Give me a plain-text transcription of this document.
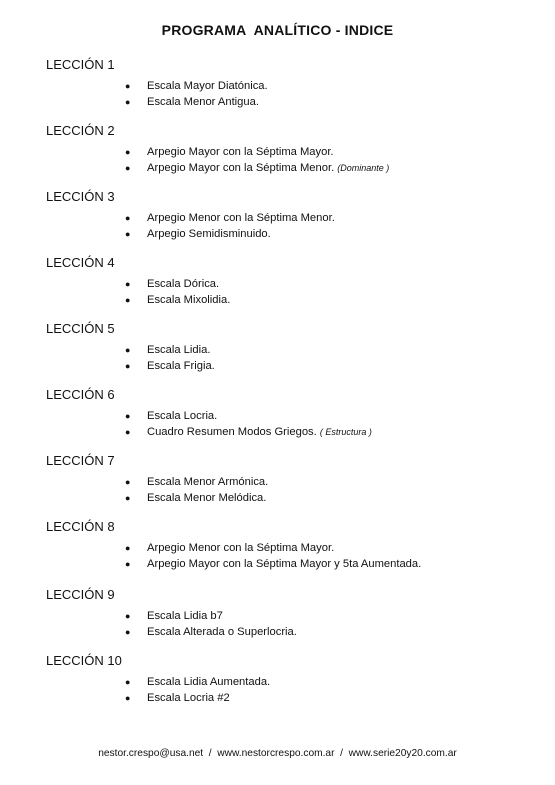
PROGRAMA  ANALÍTICO - INDICE
LECCIÓN 1
● Escala Mayor Diatónica.
● Escala Menor Antigua.
LECCIÓN 2
● Arpegio Mayor con la Séptima Mayor.
● Arpegio Mayor con la Séptima Menor. (Dominante )
LECCIÓN 3
● Arpegio Menor con la Séptima Menor.
● Arpegio Semidisminuido.
LECCIÓN 4
● Escala Dórica.
● Escala Mixolidia.
LECCIÓN 5
● Escala Lidia.
● Escala Frigia.
LECCIÓN 6
● Escala Locria.
● Cuadro Resumen Modos Griegos. ( Estructura )
LECCIÓN 7
● Escala Menor Armónica.
● Escala Menor Melódica.
LECCIÓN 8
● Arpegio Menor con la Séptima Mayor.
● Arpegio Mayor con la Séptima Mayor y 5ta Aumentada.
LECCIÓN 9
● Escala Lidia b7
● Escala Alterada o Superlocria.
LECCIÓN 10
● Escala Lidia Aumentada.
● Escala Locria #2
nestor.crespo@usa.net  /  www.nestorcrespo.com.ar  /  www.serie20y20.com.ar
